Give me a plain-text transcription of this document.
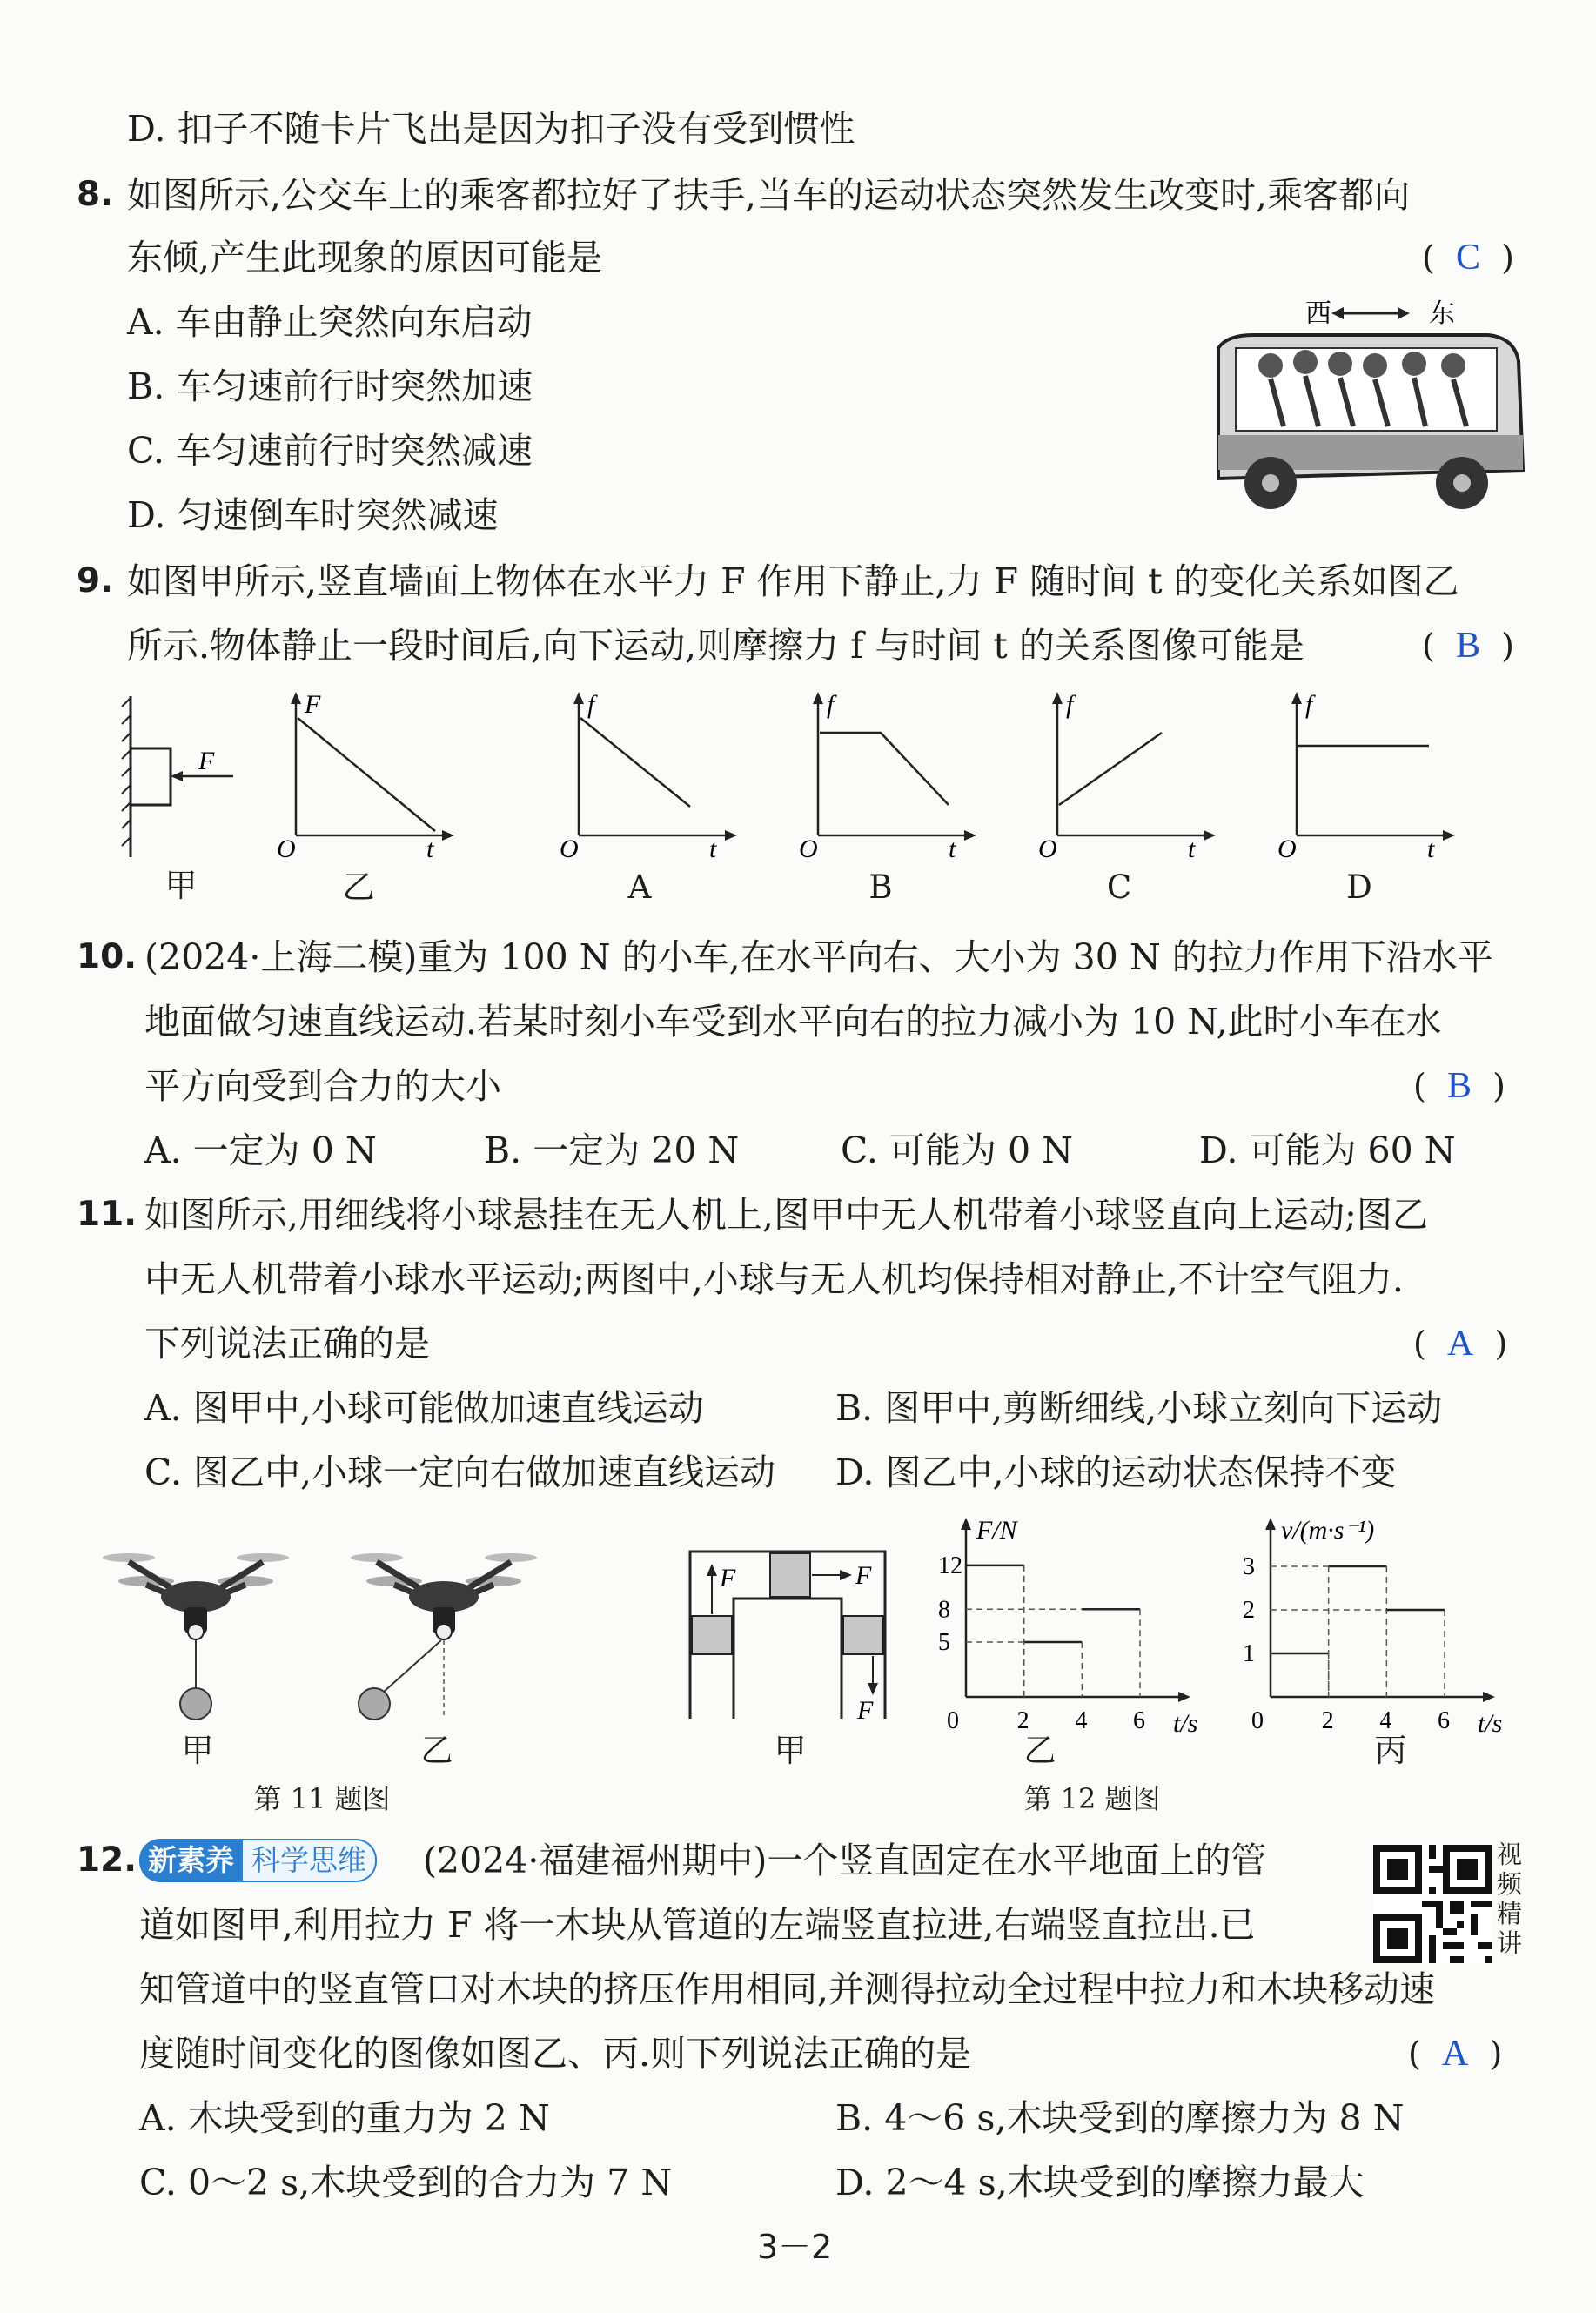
D. 扣子不随卡片飞出是因为扣子没有受到惯性
8. 如图所示,公交车上的乘客都拉好了扶手,当车的运动状态突然发生改变时,乘客都向
东倾,产生此现象的原因可能是	(  C  )
A. 车由静止突然向东启动
B. 车匀速前行时突然加速
C. 车匀速前行时突然减速
D. 匀速倒车时突然减速
西	东
9. 如图甲所示,竖直墙面上物体在水平力 F 作用下静止,力 F 随时间 t 的变化关系如图乙
所示.物体静止一段时间后,向下运动,则摩擦力 f 与时间 t 的关系图像可能是	(  B  )
F
F
t
O
f
t
O
f
t
O
f
t
O
f
t
O
甲	乙	A	B	C	D
10. (2024·上海二模)重为 100 N 的小车,在水平向右、大小为 30 N 的拉力作用下沿水平
地面做匀速直线运动.若某时刻小车受到水平向右的拉力减小为 10 N,此时小车在水
平方向受到合力的大小	(  B  )
A. 一定为 0 N	B. 一定为 20 N	C. 可能为 0 N	D. 可能为 60 N
11. 如图所示,用细线将小球悬挂在无人机上,图甲中无人机带着小球竖直向上运动;图乙
中无人机带着小球水平运动;两图中,小球与无人机均保持相对静止,不计空气阻力.
下列说法正确的是	(  A  )
A. 图甲中,小球可能做加速直线运动	B. 图甲中,剪断细线,小球立刻向下运动
C. 图乙中,小球一定向右做加速直线运动 D. 图乙中,小球的运动状态保持不变
甲	乙
第 11 题图
F	F
F
F/N
t/s
0 2 4 6
5
8
12
v/(m·s⁻¹)
t/s
0 2 4 6
1
2
3
甲	乙	丙
第 12 题图
12. 新素养 科学思维 (2024·福建福州期中)一个竖直固定在水平地面上的管
道如图甲,利用拉力 F 将一木块从管道的左端竖直拉进,右端竖直拉出.已
知管道中的竖直管口对木块的挤压作用相同,并测得拉动全过程中拉力和木块移动速
度随时间变化的图像如图乙、丙.则下列说法正确的是	(  A  )
A. 木块受到的重力为 2 N	B. 4～6 s,木块受到的摩擦力为 8 N
C. 0～2 s,木块受到的合力为 7 N	D. 2～4 s,木块受到的摩擦力最大
视
频
精
讲
3－2
